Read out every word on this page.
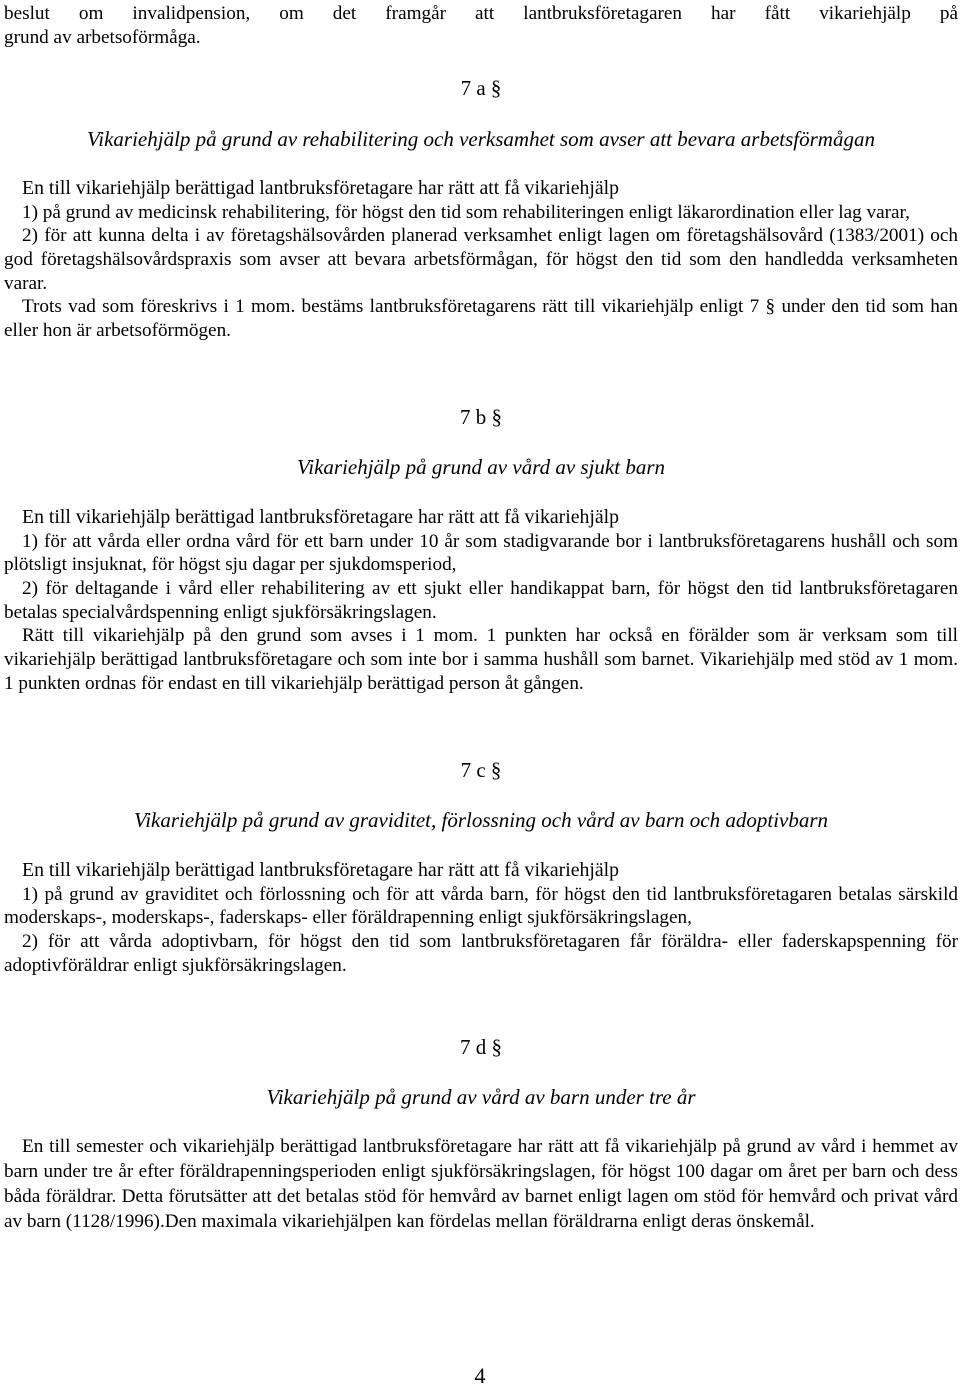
beslut om invalidpension, om det framgår att lantbruksföretagaren har fått vikariehjälp på

grund av arbetsoförmåga.

7 a §

Vikariehjälp på grund av rehabilitering och verksamhet som avser att bevara arbetsförmågan

En till vikariehjälp berättigad lantbruksföretagare har rätt att få vikariehjälp

1) på grund av medicinsk rehabilitering, för högst den tid som rehabiliteringen enligt läkarordination eller lag varar,

2) för att kunna delta i av företagshälsovården planerad verksamhet enligt lagen om företagshälsovård (1383/2001) och god företagshälsovårdspraxis som avser att bevara arbetsförmågan, för högst den tid som den handledda verksamheten varar.

Trots vad som föreskrivs i 1 mom. bestäms lantbruksföretagarens rätt till vikariehjälp enligt 7 § under den tid som han eller hon är arbetsoförmögen.

7 b §

Vikariehjälp på grund av vård av sjukt barn

En till vikariehjälp berättigad lantbruksföretagare har rätt att få vikariehjälp

1) för att vårda eller ordna vård för ett barn under 10 år som stadigvarande bor i lantbruksföretagarens hushåll och som plötsligt insjuknat, för högst sju dagar per sjukdomsperiod,

2) för deltagande i vård eller rehabilitering av ett sjukt eller handikappat barn, för högst den tid lantbruksföretagaren betalas specialvårdspenning enligt sjukförsäkringslagen.

Rätt till vikariehjälp på den grund som avses i 1 mom. 1 punkten har också en förälder som är verksam som till vikariehjälp berättigad lantbruksföretagare och som inte bor i samma hushåll som barnet. Vikariehjälp med stöd av 1 mom. 1 punkten ordnas för endast en till vikariehjälp berättigad person åt gången.

7 c §

Vikariehjälp på grund av graviditet, förlossning och vård av barn och adoptivbarn

En till vikariehjälp berättigad lantbruksföretagare har rätt att få vikariehjälp

1) på grund av graviditet och förlossning och för att vårda barn, för högst den tid lantbruksföretagaren betalas särskild moderskaps-, moderskaps-, faderskaps- eller föräldrapenning enligt sjukförsäkringslagen,

2) för att vårda adoptivbarn, för högst den tid som lantbruksföretagaren får föräldra- eller faderskapspenning för adoptivföräldrar enligt sjukförsäkringslagen.

7 d §

Vikariehjälp på grund av vård av barn under tre år

En till semester och vikariehjälp berättigad lantbruksföretagare har rätt att få vikariehjälp på grund av vård i hemmet av barn under tre år efter föräldrapenningsperioden enligt sjukförsäkringslagen, för högst 100 dagar om året per barn och dess båda föräldrar. Detta förutsätter att det betalas stöd för hemvård av barnet enligt lagen om stöd för hemvård och privat vård av barn (1128/1996).Den maximala vikariehjälpen kan fördelas mellan föräldrarna enligt deras önskemål.

4
